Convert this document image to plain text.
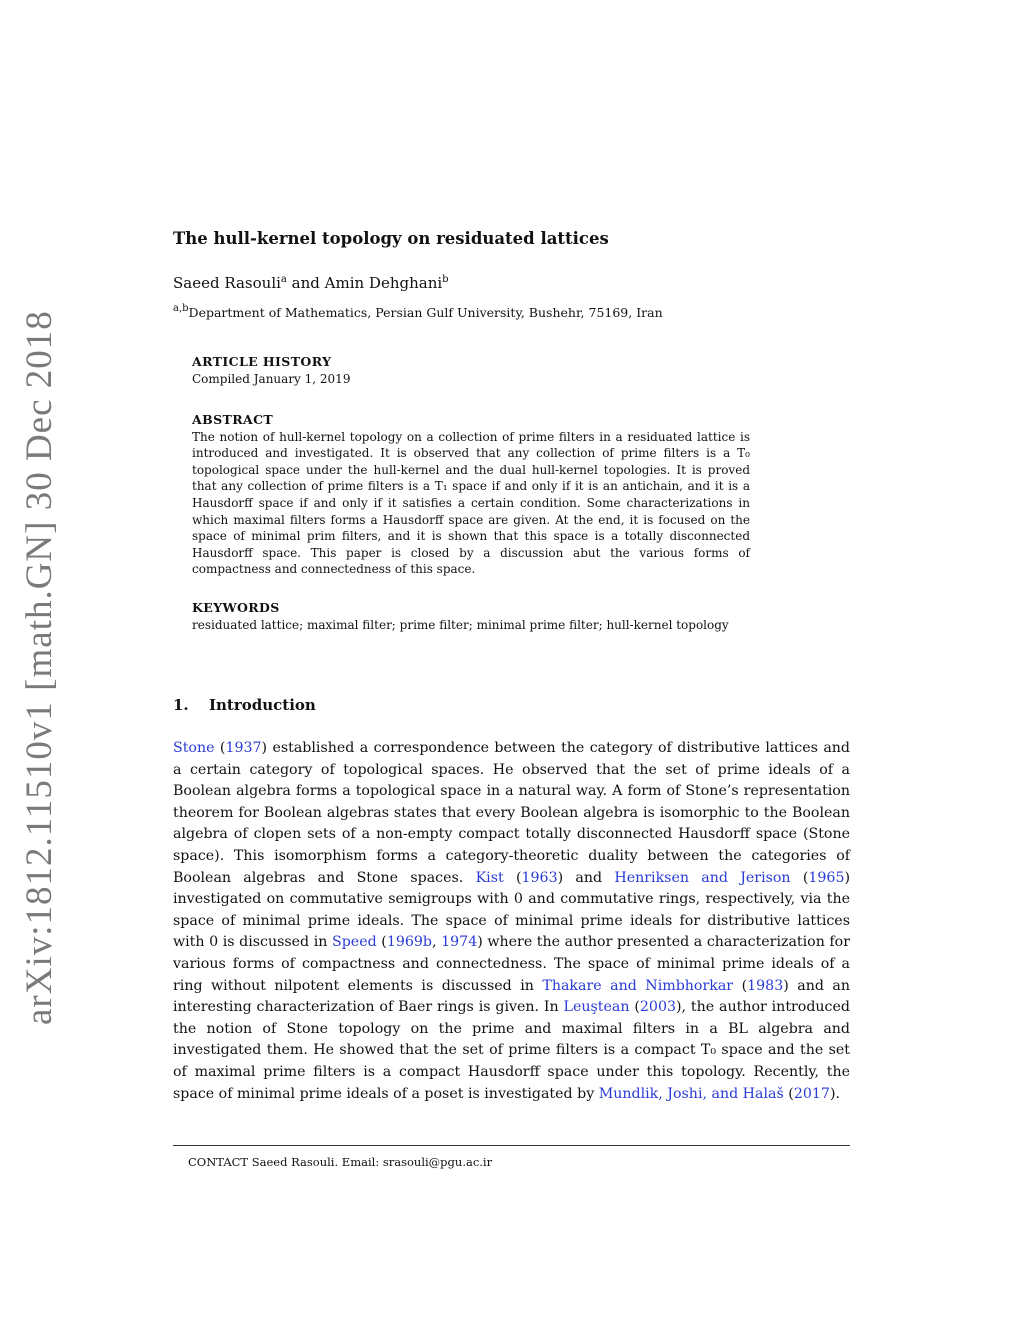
arXiv:1812.11510v1 [math.GN] 30 Dec 2018
The hull-kernel topology on residuated lattices
Saeed Rasouli$^a$ and Amin Dehghani$^b$
$^{a,b}$Department of Mathematics, Persian Gulf University, Bushehr, 75169, Iran
ARTICLE HISTORY
Compiled January 1, 2019
ABSTRACT

The notion of hull-kernel topology on a collection of prime filters in a residuated lattice is introduced and investigated. It is observed that any collection of prime filters is a T₀ topological space under the hull-kernel and the dual hull-kernel topologies. It is proved that any collection of prime filters is a T₁ space if and only if it is an antichain, and it is a Hausdorff space if and only if it satisfies a certain condition. Some characterizations in which maximal filters forms a Hausdorff space are given. At the end, it is focused on the space of minimal prim filters, and it is shown that this space is a totally disconnected Hausdorff space. This paper is closed by a discussion abut the various forms of compactness and connectedness of this space.

KEYWORDS
residuated lattice; maximal filter; prime filter; minimal prime filter; hull-kernel topology
1. Introduction

Stone (1937) established a correspondence between the category of distributive lattices and a certain category of topological spaces. He observed that the set of prime ideals of a Boolean algebra forms a topological space in a natural way. A form of Stone’s representation theorem for Boolean algebras states that every Boolean algebra is isomorphic to the Boolean algebra of clopen sets of a non-empty compact totally disconnected Hausdorff space (Stone space). This isomorphism forms a category-theoretic duality between the categories of Boolean algebras and Stone spaces. Kist (1963) and Henriksen and Jerison (1965) investigated on commutative semigroups with 0 and commutative rings, respectively, via the space of minimal prime ideals. The space of minimal prime ideals for distributive lattices with 0 is discussed in Speed (1969b, 1974) where the author presented a characterization for various forms of compactness and connectedness. The space of minimal prime ideals of a ring without nilpotent elements is discussed in Thakare and Nimbhorkar (1983) and an interesting characterization of Baer rings is given. In Leuştean (2003), the author introduced the notion of Stone topology on the prime and maximal filters in a BL algebra and investigated them. He showed that the set of prime filters is a compact T₀ space and the set of maximal prime filters is a compact Hausdorff space under this topology. Recently, the space of minimal prime ideals of a poset is investigated by Mundlik, Joshi, and Halaš (2017).

CONTACT Saeed Rasouli. Email: srasouli@pgu.ac.ir
